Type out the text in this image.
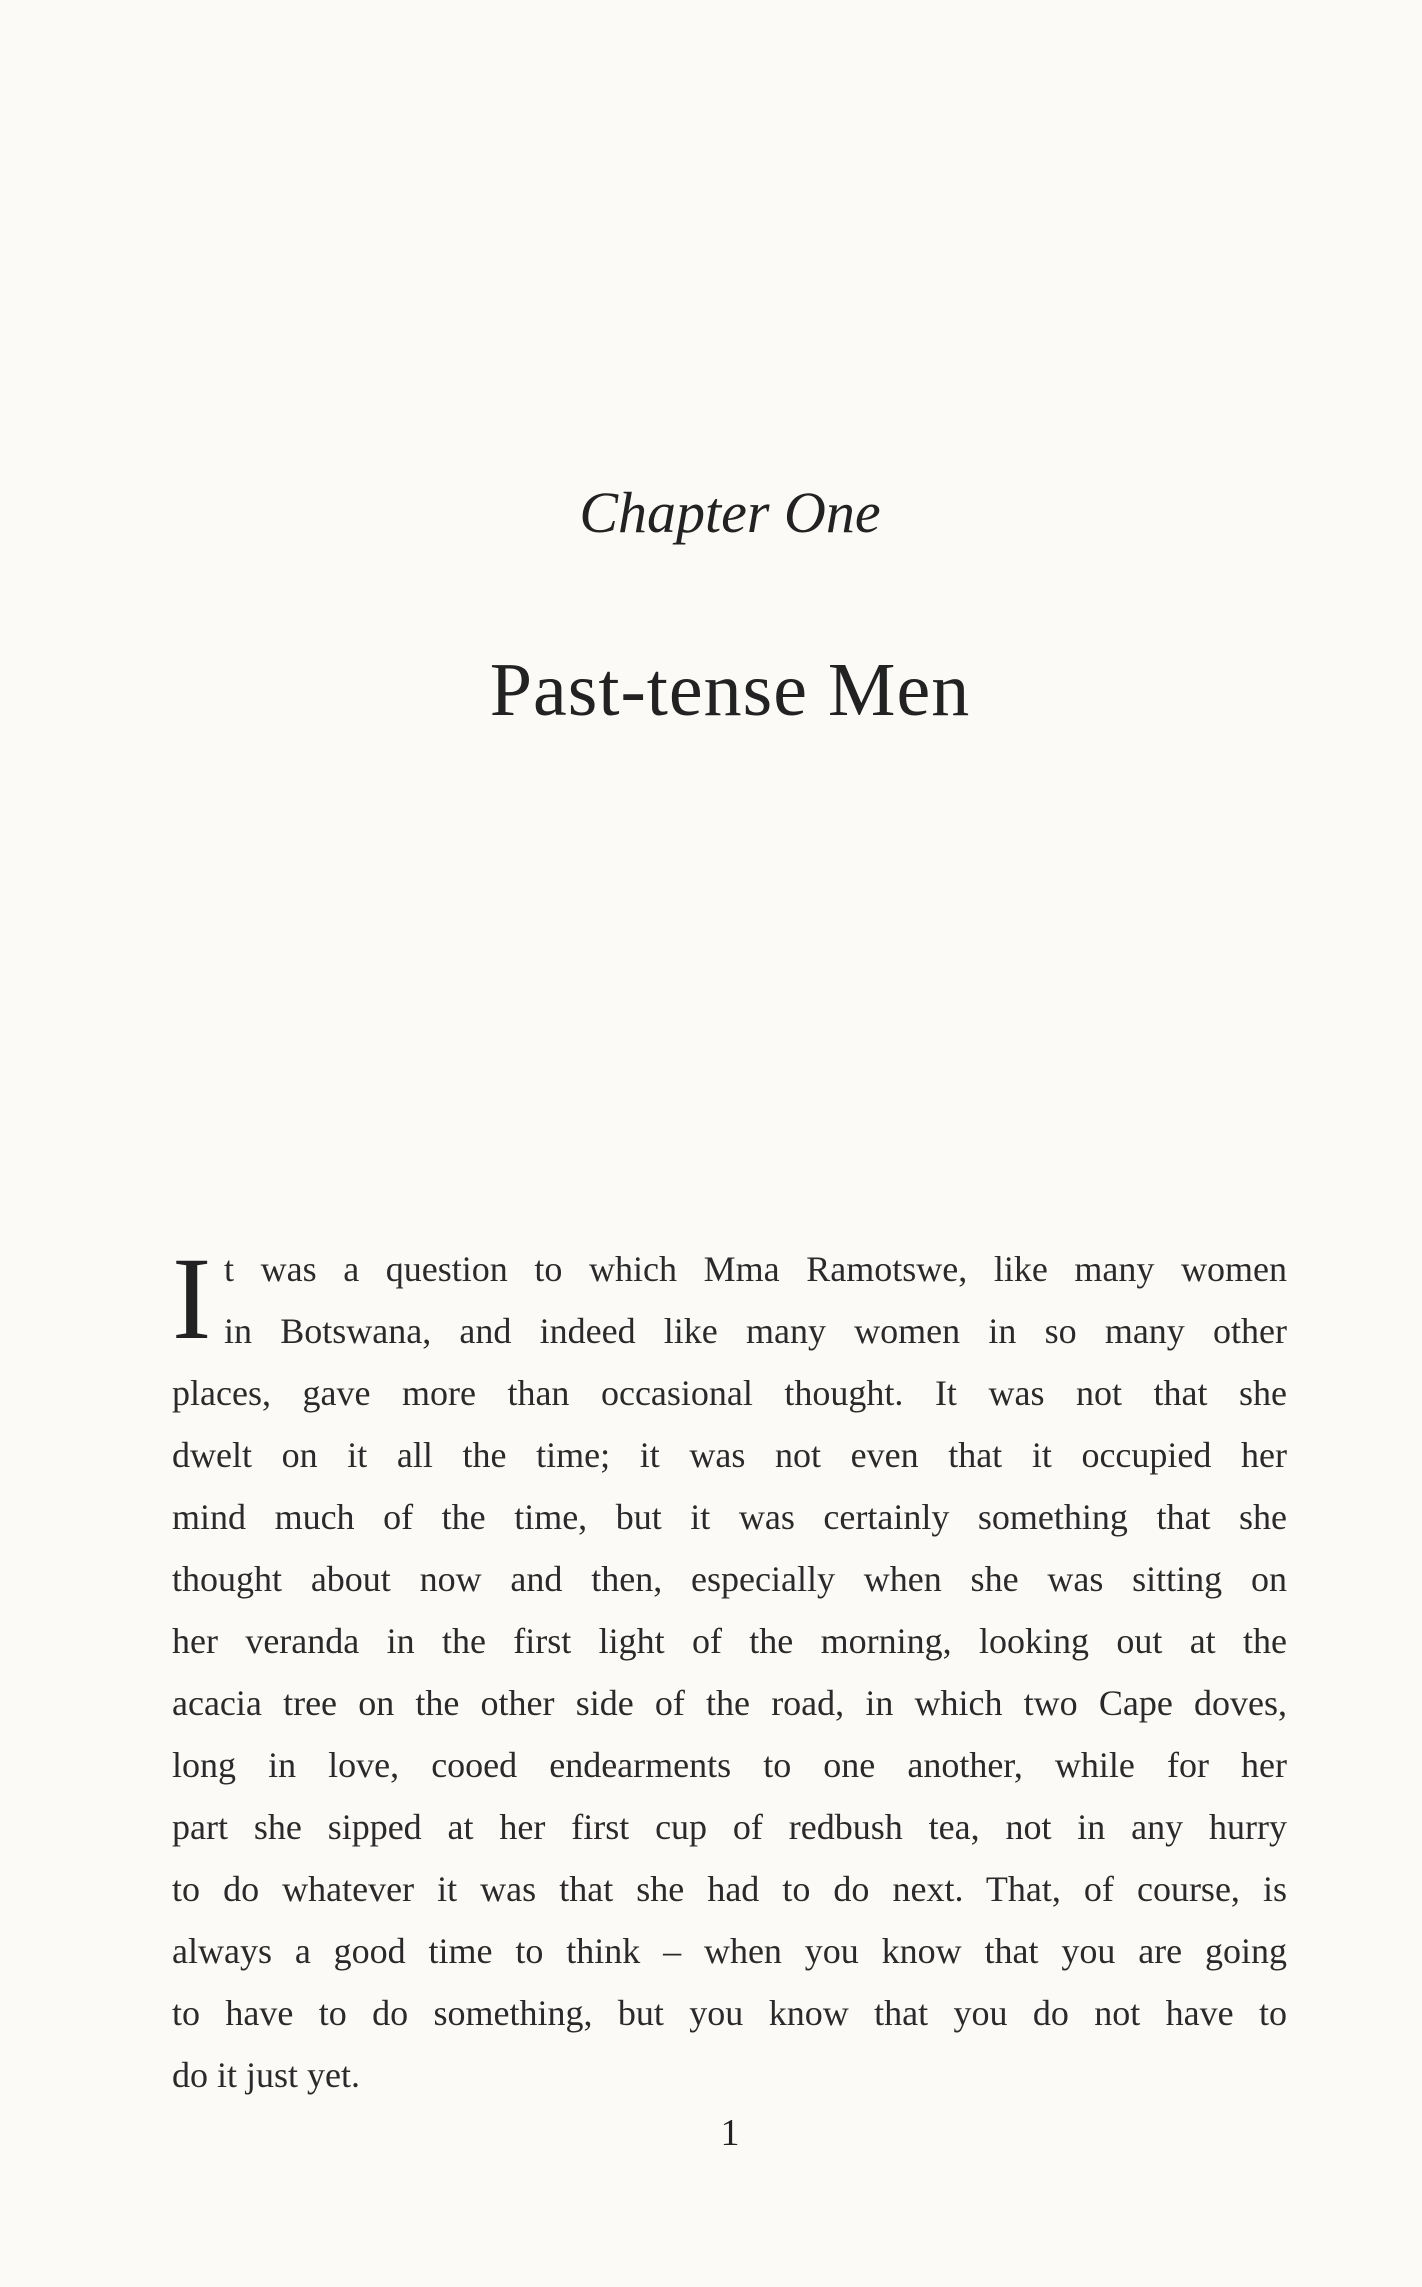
Chapter One
Past-tense Men
I t was a question to which Mma Ramotswe, like many women
in Botswana, and indeed like many women in so many other
places, gave more than occasional thought. It was not that she
dwelt on it all the time; it was not even that it occupied her
mind much of the time, but it was certainly something that she
thought about now and then, especially when she was sitting on
her veranda in the first light of the morning, looking out at the
acacia tree on the other side of the road, in which two Cape doves,
long in love, cooed endearments to one another, while for her
part she sipped at her first cup of redbush tea, not in any hurry
to do whatever it was that she had to do next. That, of course, is
always a good time to think – when you know that you are going
to have to do something, but you know that you do not have to
do it just yet.
1
